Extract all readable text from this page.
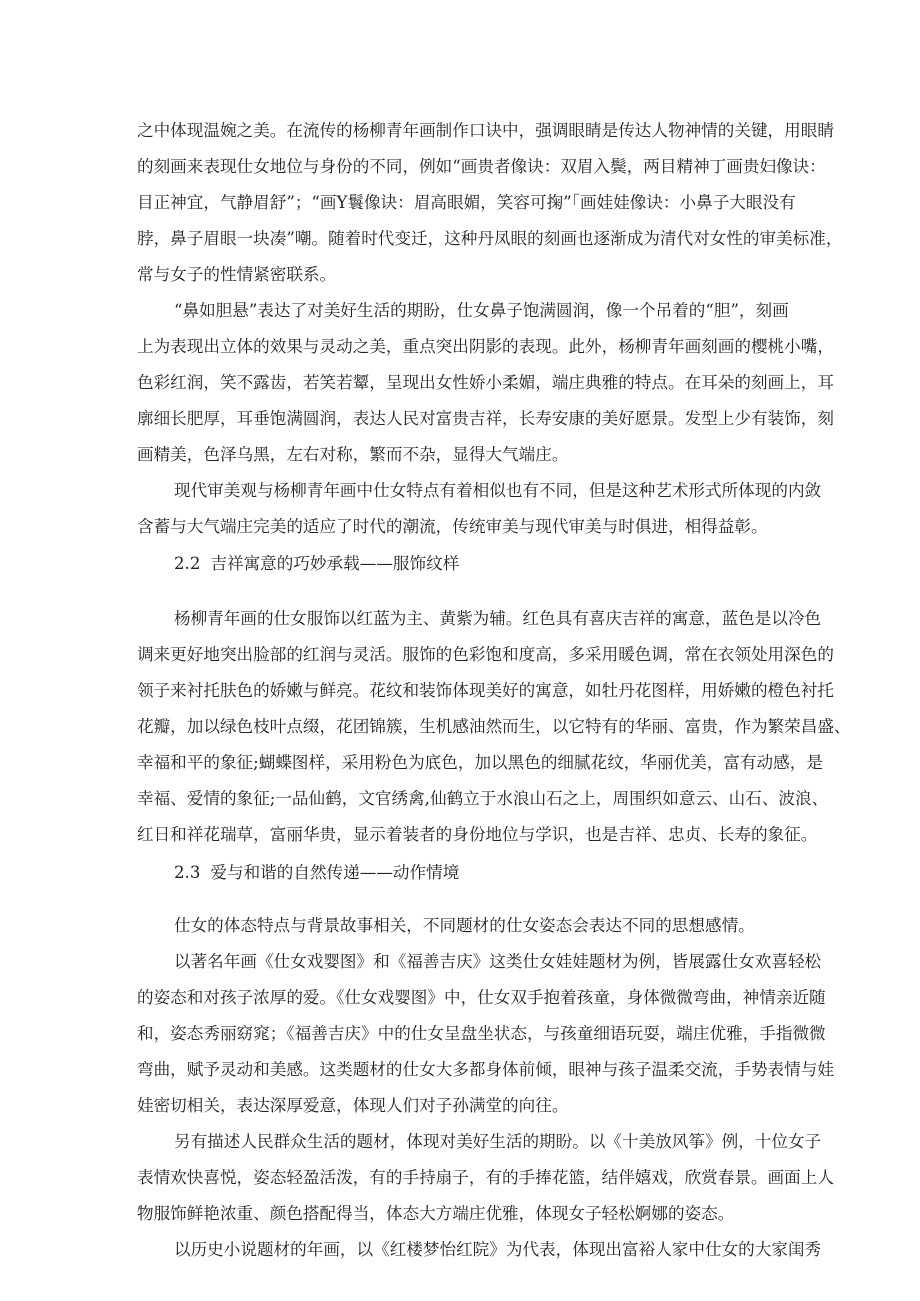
之中体现温婉之美。在流传的杨柳青年画制作口诀中，强调眼睛是传达人物神情的关键，用眼睛
的刻画来表现仕女地位与身份的不同，例如“画贵者像诀：双眉入鬓，两目精神丁画贵妇像诀：
目正神宜，气静眉舒”；“画Y鬟像诀：眉高眼媚，笑容可掬”「画娃娃像诀：小鼻子大眼没有
脖，鼻子眉眼一块凑”嘲。随着时代变迁，这种丹凤眼的刻画也逐渐成为清代对女性的审美标准，
常与女子的性情紧密联系。
“鼻如胆悬”表达了对美好生活的期盼，仕女鼻子饱满圆润，像一个吊着的“胆”，刻画
上为表现出立体的效果与灵动之美，重点突出阴影的表现。此外，杨柳青年画刻画的樱桃小嘴，
色彩红润，笑不露齿，若笑若颦，呈现出女性娇小柔媚，端庄典雅的特点。在耳朵的刻画上，耳
廓细长肥厚，耳垂饱满圆润，表达人民对富贵吉祥，长寿安康的美好愿景。发型上少有装饰，刻
画精美，色泽乌黑，左右对称，繁而不杂，显得大气端庄。
现代审美观与杨柳青年画中仕女特点有着相似也有不同，但是这种艺术形式所体现的内敛
含蓄与大气端庄完美的适应了时代的潮流，传统审美与现代审美与时俱进，相得益彰。
2.2 吉祥寓意的巧妙承载——服饰纹样
杨柳青年画的仕女服饰以红蓝为主、黄紫为辅。红色具有喜庆吉祥的寓意，蓝色是以冷色
调来更好地突出脸部的红润与灵活。服饰的色彩饱和度高，多采用暖色调，常在衣领处用深色的
领子来衬托肤色的娇嫩与鲜亮。花纹和装饰体现美好的寓意，如牡丹花图样，用娇嫩的橙色衬托
花瓣，加以绿色枝叶点缀，花团锦簇，生机感油然而生，以它特有的华丽、富贵，作为繁荣昌盛、
幸福和平的象征;蝴蝶图样，采用粉色为底色，加以黑色的细腻花纹，华丽优美，富有动感，是
幸福、爱情的象征;一品仙鹤，文官绣禽,仙鹤立于水浪山石之上，周围织如意云、山石、波浪、
红日和祥花瑞草，富丽华贵，显示着装者的身份地位与学识，也是吉祥、忠贞、长寿的象征。
2.3 爱与和谐的自然传递——动作情境
仕女的体态特点与背景故事相关，不同题材的仕女姿态会表达不同的思想感情。
以著名年画《仕女戏婴图》和《福善吉庆》这类仕女娃娃题材为例，皆展露仕女欢喜轻松
的姿态和对孩子浓厚的爱。《仕女戏婴图》中，仕女双手抱着孩童，身体微微弯曲，神情亲近随
和，姿态秀丽窈窕；《福善吉庆》中的仕女呈盘坐状态，与孩童细语玩耍，端庄优雅，手指微微
弯曲，赋予灵动和美感。这类题材的仕女大多都身体前倾，眼神与孩子温柔交流，手势表情与娃
娃密切相关，表达深厚爱意，体现人们对子孙满堂的向往。
另有描述人民群众生活的题材，体现对美好生活的期盼。以《十美放风筝》例，十位女子
表情欢快喜悦，姿态轻盈活泼，有的手持扇子，有的手捧花篮，结伴嬉戏，欣赏春景。画面上人
物服饰鲜艳浓重、颜色搭配得当，体态大方端庄优雅，体现女子轻松婀娜的姿态。
以历史小说题材的年画，以《红楼梦怡红院》为代表，体现出富裕人家中仕女的大家闺秀
